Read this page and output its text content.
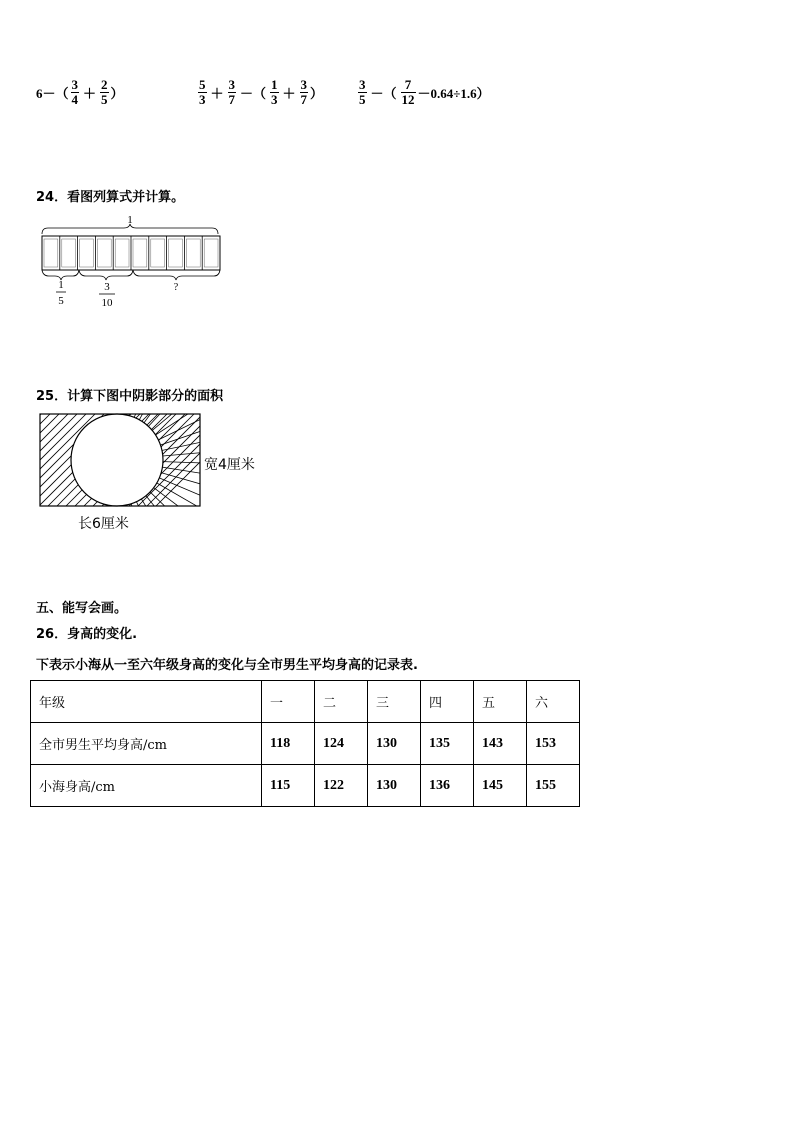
$6-( \frac{3}{4} + \frac{2}{5}$ ）	$\frac{5}{3} + \frac{3}{7}$ －（ $\frac{1}{3} + \frac{3}{7}$ ）	$\frac{3}{5}$ －（ $\frac{7}{12} -0.64\div 1.6$）
24．看图列算式并计算。
1
1
5
3
10
?
25．计算下图中阴影部分的面积
宽4厘米
长6厘米
五、能写会画。
26．身高的变化.
下表示小海从一至六年级身高的变化与全市男生平均身高的记录表.
年级	一	二	三	四	五	六
全市男生平均身高/cm	118	124	130	135	143	153
小海身高/cm	115	122	130	136	145	155
